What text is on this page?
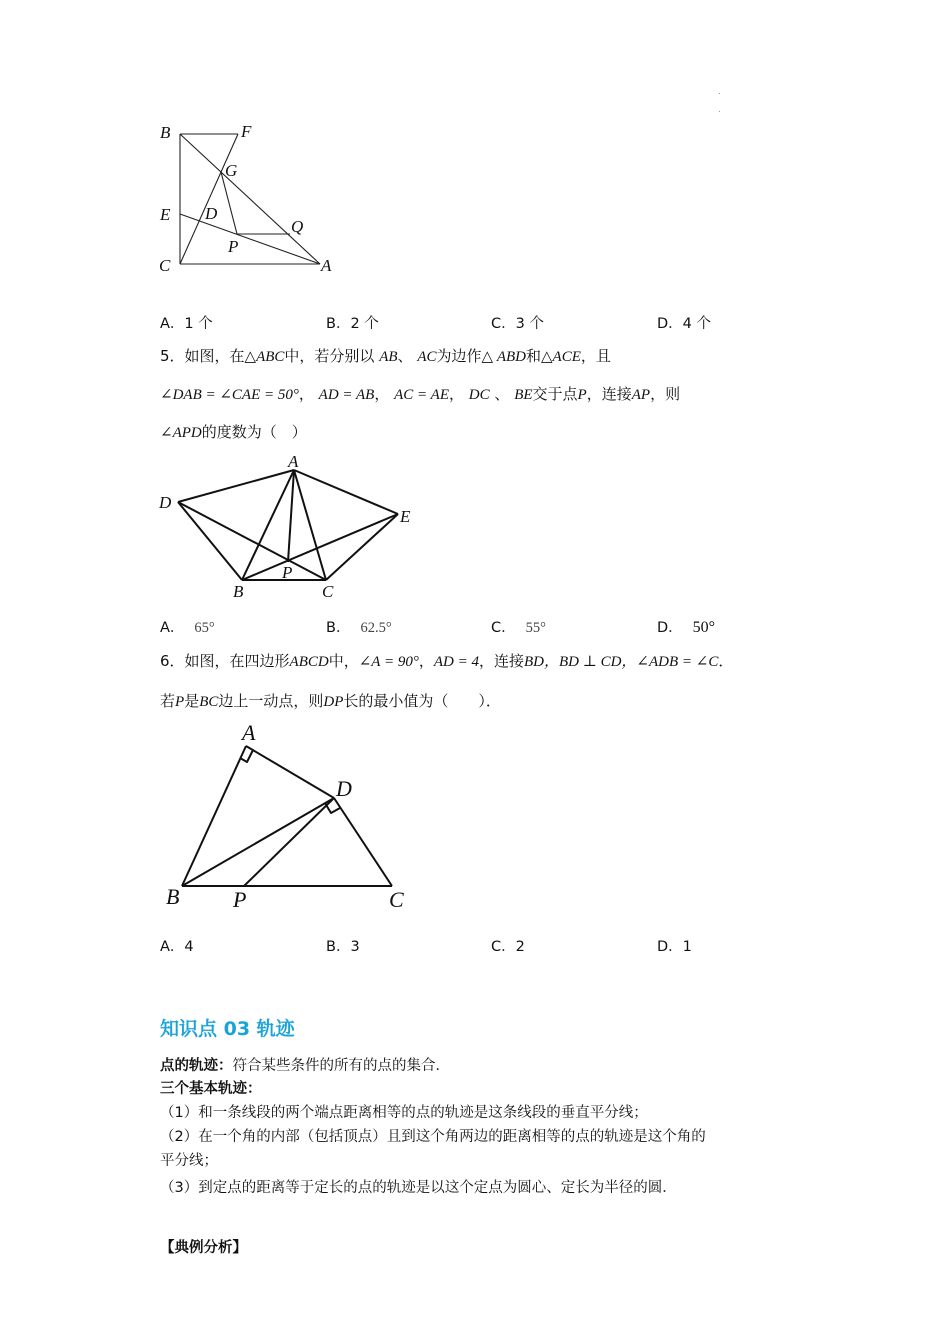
B	F
G
E D
Q
P
C	A
A．1 个	B．2 个	C．3 个	D．4 个
5．如图，在△ABC中，若分别以 AB、 AC为边作△ ABD和△ACE，且
∠DAB = ∠CAE = 50°， AD = AB， AC = AE， DC 、 BE交于点P，连接AP，则
∠APD的度数为（　）
A
D
E
P
B	C
A． 65°	B． 62.5°	C． 55°	D． 50°
6．如图，在四边形ABCD中，∠A = 90°，AD = 4，连接BD，BD ⊥ CD，∠ADB = ∠C．
若P是BC边上一动点，则DP长的最小值为（　　）．
A
D
B P	C
A．4	B．3	C．2	D．1
知识点 03 轨迹
点的轨迹：符合某些条件的所有的点的集合．
三个基本轨迹：
（1）和一条线段的两个端点距离相等的点的轨迹是这条线段的垂直平分线；
（2）在一个角的内部（包括顶点）且到这个角两边的距离相等的点的轨迹是这个角的
平分线；
（3）到定点的距离等于定长的点的轨迹是以这个定点为圆心、定长为半径的圆．
【典例分析】
